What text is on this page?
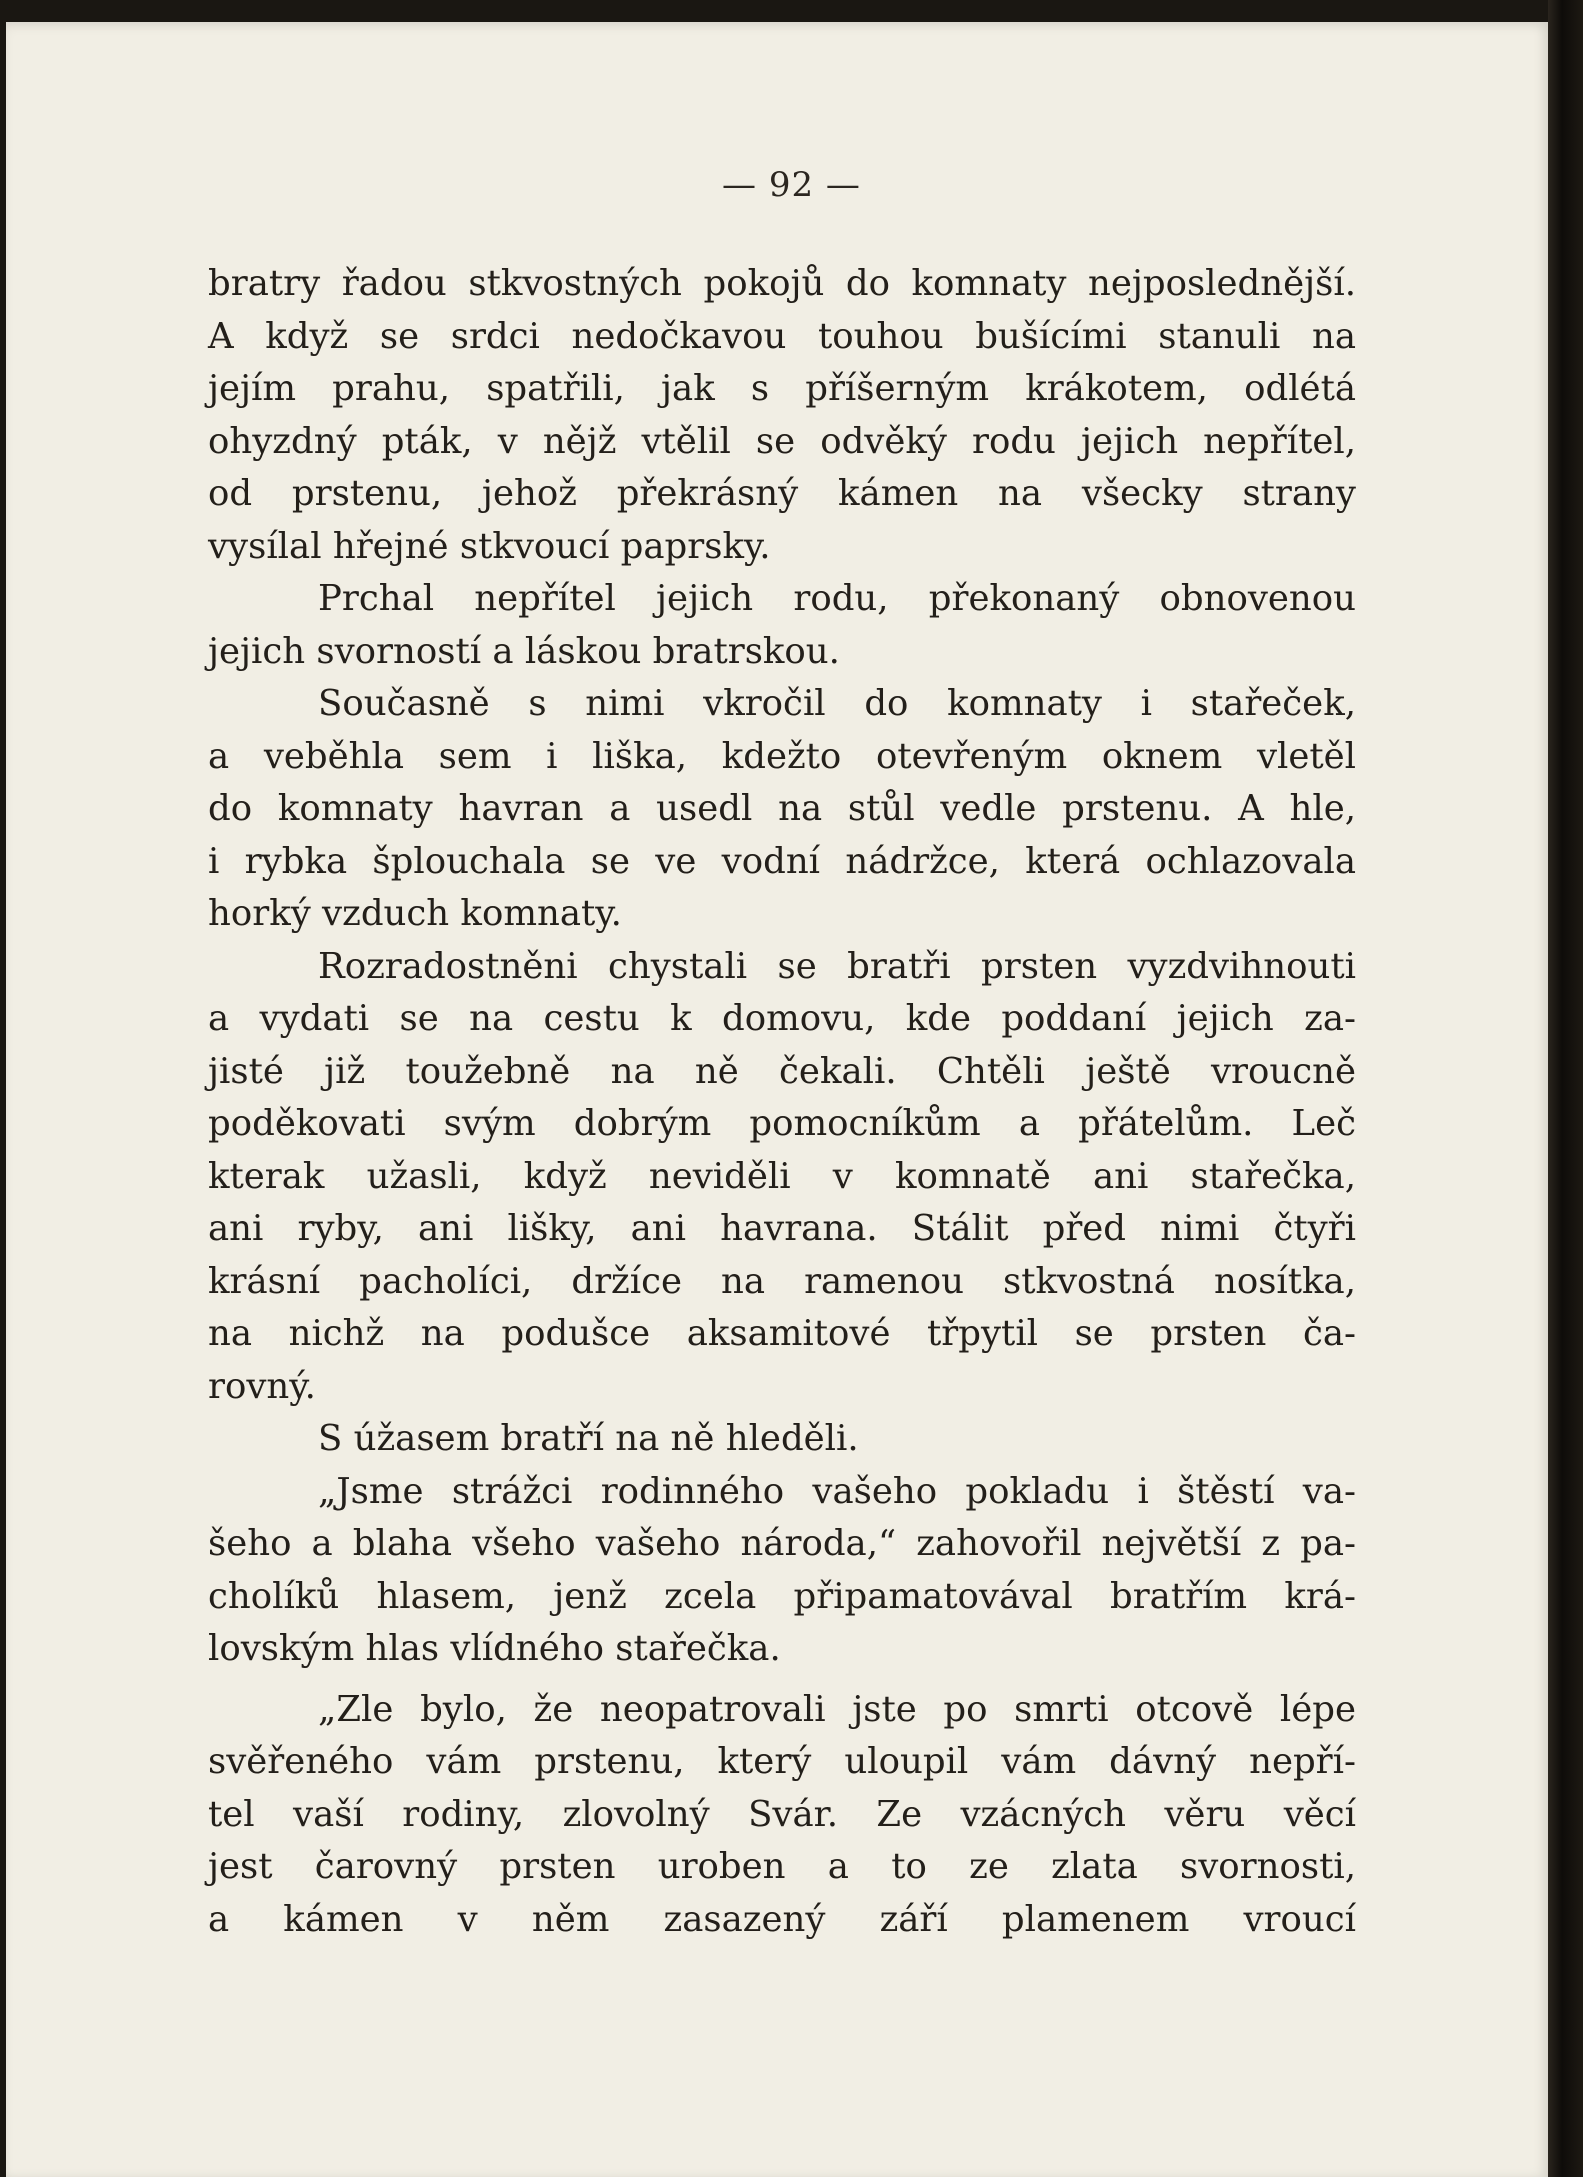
— 92 —
bratry řadou stkvostných pokojů do komnaty nejposlednější.
A když se srdci nedočkavou touhou bušícími stanuli na
jejím prahu, spatřili, jak s příšerným krákotem, odlétá
ohyzdný pták, v nějž vtělil se odvěký rodu jejich nepřítel,
od prstenu, jehož překrásný kámen na všecky strany
vysílal hřejné stkvoucí paprsky.
Prchal nepřítel jejich rodu, překonaný obnovenou
jejich svorností a láskou bratrskou.
Současně s nimi vkročil do komnaty i stařeček,
a veběhla sem i liška, kdežto otevřeným oknem vletěl
do komnaty havran a usedl na stůl vedle prstenu. A hle,
i rybka šplouchala se ve vodní nádržce, která ochlazovala
horký vzduch komnaty.
Rozradostněni chystali se bratři prsten vyzdvihnouti
a vydati se na cestu k domovu, kde poddaní jejich za-
jisté již toužebně na ně čekali. Chtěli ještě vroucně
poděkovati svým dobrým pomocníkům a přátelům. Leč
kterak užasli, když neviděli v komnatě ani stařečka,
ani ryby, ani lišky, ani havrana. Stálit před nimi čtyři
krásní pacholíci, držíce na ramenou stkvostná nosítka,
na nichž na podušce aksamitové třpytil se prsten ča-
rovný.
S úžasem bratří na ně hleděli.
„Jsme strážci rodinného vašeho pokladu i štěstí va-
šeho a blaha všeho vašeho národa,“ zahovořil největší z pa-
cholíků hlasem, jenž zcela připamatovával bratřím krá-
lovským hlas vlídného stařečka.
„Zle bylo, že neopatrovali jste po smrti otcově lépe
svěřeného vám prstenu, který uloupil vám dávný nepří-
tel vaší rodiny, zlovolný Svár. Ze vzácných věru věcí
jest čarovný prsten uroben a to ze zlata svornosti,
a kámen v něm zasazený září plamenem vroucí
